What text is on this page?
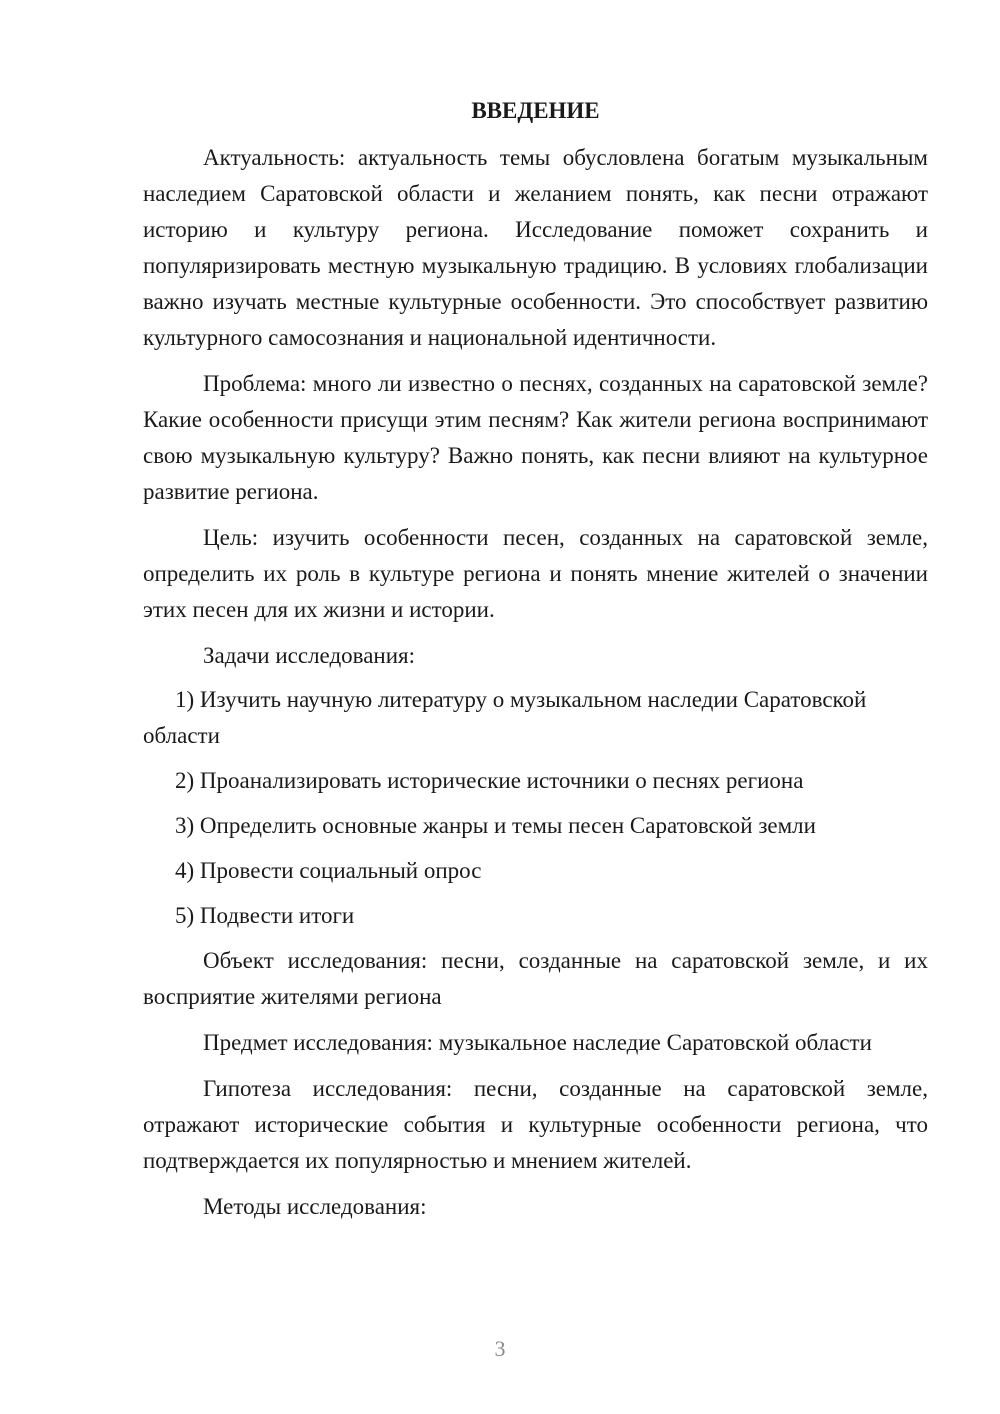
ВВЕДЕНИЕ

Актуальность: актуальность темы обусловлена богатым музыкальным наследием Саратовской области и желанием понять, как песни отражают историю и культуру региона. Исследование поможет сохранить и популяризировать местную музыкальную традицию. В условиях глобализации важно изучать местные культурные особенности. Это способствует развитию культурного самосознания и национальной идентичности.

Проблема: много ли известно о песнях, созданных на саратовской земле? Какие особенности присущи этим песням? Как жители региона воспринимают свою музыкальную культуру? Важно понять, как песни влияют на культурное развитие региона.

Цель: изучить особенности песен, созданных на саратовской земле, определить их роль в культуре региона и понять мнение жителей о значении этих песен для их жизни и истории.

Задачи исследования:

1) Изучить научную литературу о музыкальном наследии Саратовской области

2) Проанализировать исторические источники о песнях региона

3) Определить основные жанры и темы песен Саратовской земли

4) Провести социальный опрос

5) Подвести итоги

Объект исследования: песни, созданные на саратовской земле, и их восприятие жителями региона

Предмет исследования: музыкальное наследие Саратовской области

Гипотеза исследования: песни, созданные на саратовской земле, отражают исторические события и культурные особенности региона, что подтверждается их популярностью и мнением жителей.

Методы исследования:

3
